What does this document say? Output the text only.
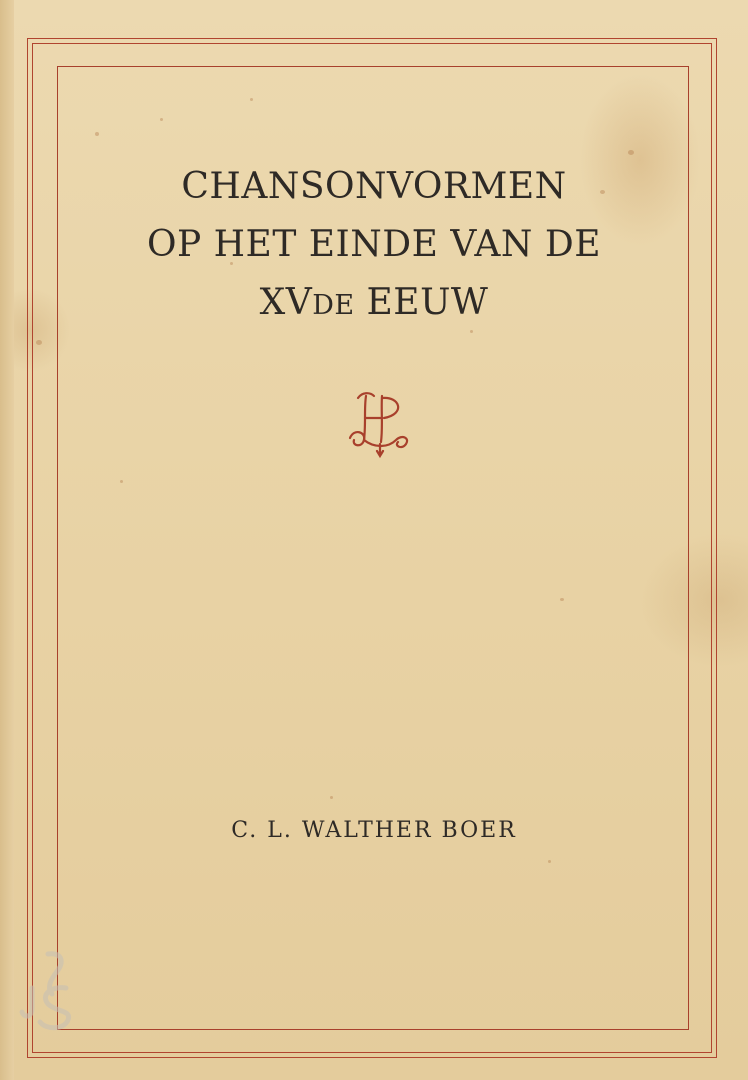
CHANSONVORMEN
OP HET EINDE VAN DE
XVDE EEUW
C. L. WALTHER BOER
